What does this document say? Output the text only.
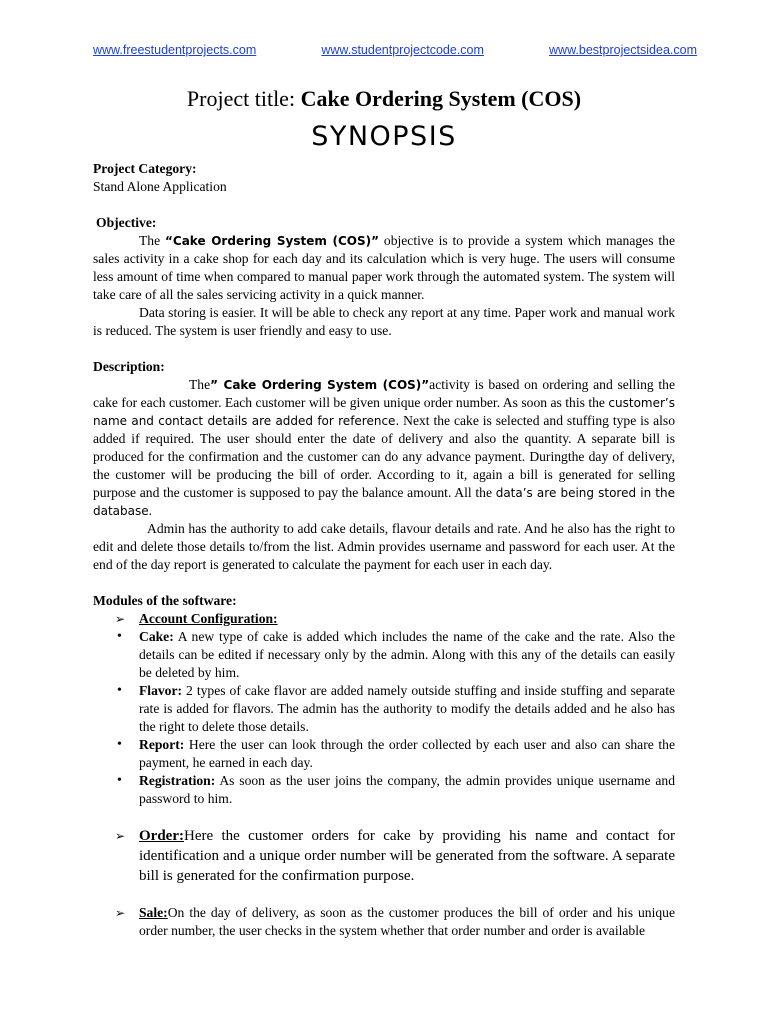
www.freestudentprojects.com	www.studentprojectcode.com	www.bestprojectsidea.com
Project title: Cake Ordering System (COS)
SYNOPSIS

Project Category:

Stand Alone Application

Objective:

The “Cake Ordering System (COS)” objective is to provide a system which manages the sales activity in a cake shop for each day and its calculation which is very huge. The users will consume less amount of time when compared to manual paper work through the automated system. The system will take care of all the sales servicing activity in a quick manner.

Data storing is easier. It will be able to check any report at any time. Paper work and manual work is reduced. The system is user friendly and easy to use.

Description:

The” Cake Ordering System (COS)”activity is based on ordering and selling the cake for each customer. Each customer will be given unique order number. As soon as this the customer’s name and contact details are added for reference. Next the cake is selected and stuffing type is also added if required. The user should enter the date of delivery and also the quantity. A separate bill is produced for the confirmation and the customer can do any advance payment. Duringthe day of delivery, the customer will be producing the bill of order. According to it, again a bill is generated for selling purpose and the customer is supposed to pay the balance amount. All the data’s are being stored in the database.

Admin has the authority to add cake details, flavour details and rate. And he also has the right to edit and delete those details to/from the list. Admin provides username and password for each user. At the end of the day report is generated to calculate the payment for each user in each day.

Modules of the software:

➢ Account Configuration:
• Cake: A new type of cake is added which includes the name of the cake and the rate. Also the details can be edited if necessary only by the admin. Along with this any of the details can easily be deleted by him.
• Flavor: 2 types of cake flavor are added namely outside stuffing and inside stuffing and separate rate is added for flavors. The admin has the authority to modify the details added and he also has the right to delete those details.
• Report: Here the user can look through the order collected by each user and also can share the payment, he earned in each day.
• Registration: As soon as the user joins the company, the admin provides unique username and password to him.
➢ Order:Here the customer orders for cake by providing his name and contact for identification and a unique order number will be generated from the software. A separate bill is generated for the confirmation purpose.
➢ Sale:On the day of delivery, as soon as the customer produces the bill of order and his unique order number, the user checks in the system whether that order number and order is available
